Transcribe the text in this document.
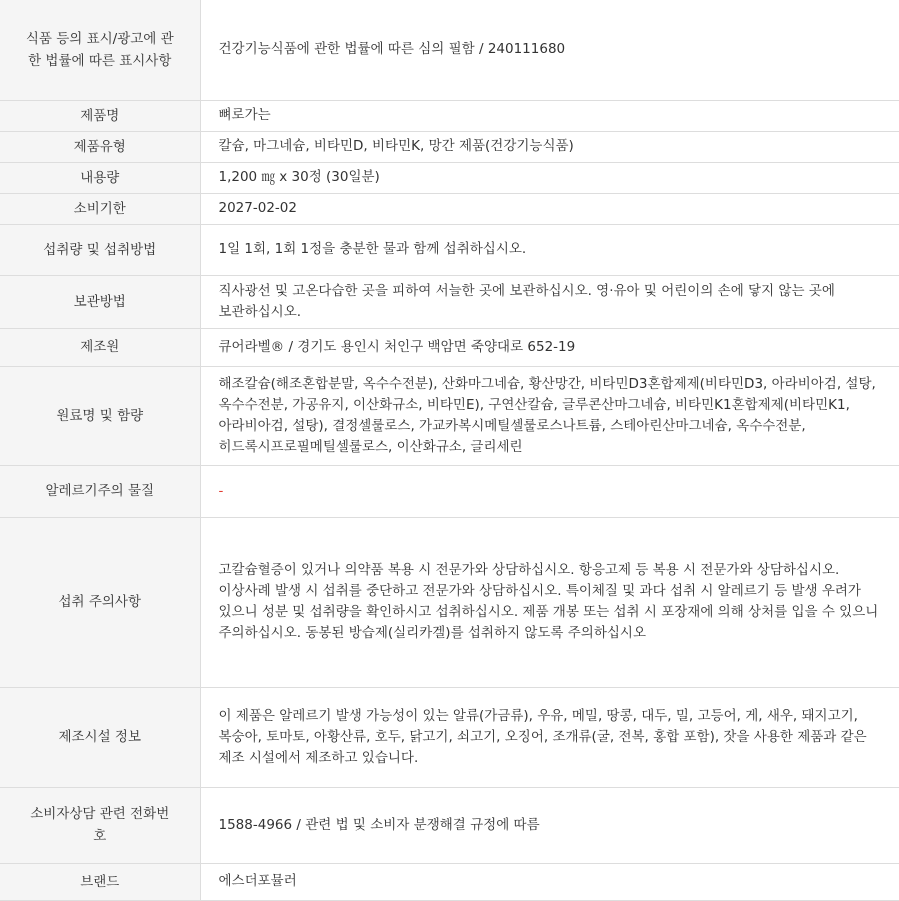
식품 등의 표시/광고에 관한 법률에 따른 표시사항	건강기능식품에 관한 법률에 따른 심의 필함 / 240111680
제품명	뼈로가는
제품유형	칼슘, 마그네슘, 비타민D, 비타민K, 망간 제품(건강기능식품)
내용량	1,200 ㎎ x 30정 (30일분)
소비기한	2027-02-02
섭취량 및 섭취방법	1일 1회, 1회 1정을 충분한 물과 함께 섭취하십시오.
보관방법	직사광선 및 고온다습한 곳을 피하여 서늘한 곳에 보관하십시오. 영·유아 및 어린이의 손에 닿지 않는 곳에 보관하십시오.
제조원	큐어라벨® / 경기도 용인시 처인구 백암면 죽양대로 652-19
원료명 및 함량	해조칼슘(해조혼합분말, 옥수수전분), 산화마그네슘, 황산망간, 비타민D3혼합제제(비타민D3, 아라비아검, 설탕, 옥수수전분, 가공유지, 이산화규소, 비타민E), 구연산칼슘, 글루콘산마그네슘, 비타민K1혼합제제(비타민K1, 아라비아검, 설탕), 결정셀룰로스, 가교카복시메틸셀룰로스나트륨, 스테아린산마그네슘, 옥수수전분, 히드록시프로필메틸셀룰로스, 이산화규소, 글리세린
알레르기주의 물질	-
섭취 주의사항	고칼슘혈증이 있거나 의약품 복용 시 전문가와 상담하십시오. 항응고제 등 복용 시 전문가와 상담하십시오. 이상사례 발생 시 섭취를 중단하고 전문가와 상담하십시오. 특이체질 및 과다 섭취 시 알레르기 등 발생 우려가 있으니 성분 및 섭취량을 확인하시고 섭취하십시오. 제품 개봉 또는 섭취 시 포장재에 의해 상처를 입을 수 있으니 주의하십시오. 동봉된 방습제(실리카겔)를 섭취하지 않도록 주의하십시오
제조시설 정보	이 제품은 알레르기 발생 가능성이 있는 알류(가금류), 우유, 메밀, 땅콩, 대두, 밀, 고등어, 게, 새우, 돼지고기, 복숭아, 토마토, 아황산류, 호두, 닭고기, 쇠고기, 오징어, 조개류(굴, 전복, 홍합 포함), 잣을 사용한 제품과 같은 제조 시설에서 제조하고 있습니다.
소비자상담 관련 전화번호	1588-4966 / 관련 법 및 소비자 분쟁해결 규정에 따름
브랜드	에스더포뮬러
